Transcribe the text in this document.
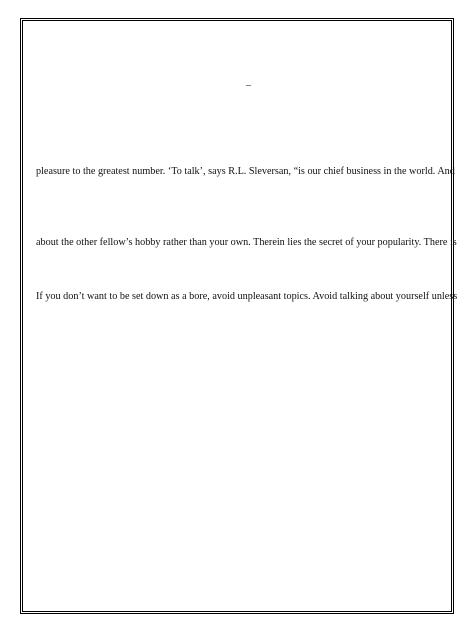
–
pleasure to the greatest number. ‘To talk’, says R.L. Sleversan, “is our chief business in the world. And
about the other fellow’s hobby rather than your own. Therein lies the secret of your popularity. There is
If you don’t want to be set down as a bore, avoid unpleasant topics. Avoid talking about yourself unless
